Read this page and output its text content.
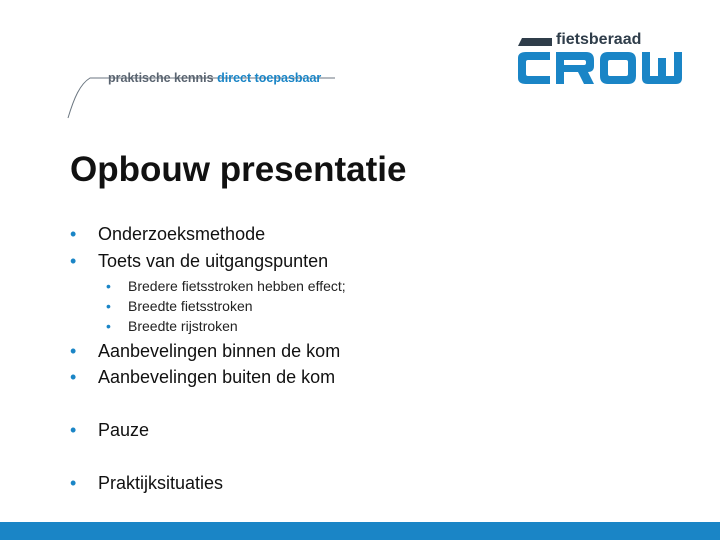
praktische kennis direct toepasbaar
fietsberaad
Opbouw presentatie
• Onderzoeksmethode
• Toets van de uitgangspunten
• Bredere fietsstroken hebben effect;
• Breedte fietsstroken
• Breedte rijstroken
• Aanbevelingen binnen de kom
• Aanbevelingen buiten de kom
• Pauze
• Praktijksituaties
